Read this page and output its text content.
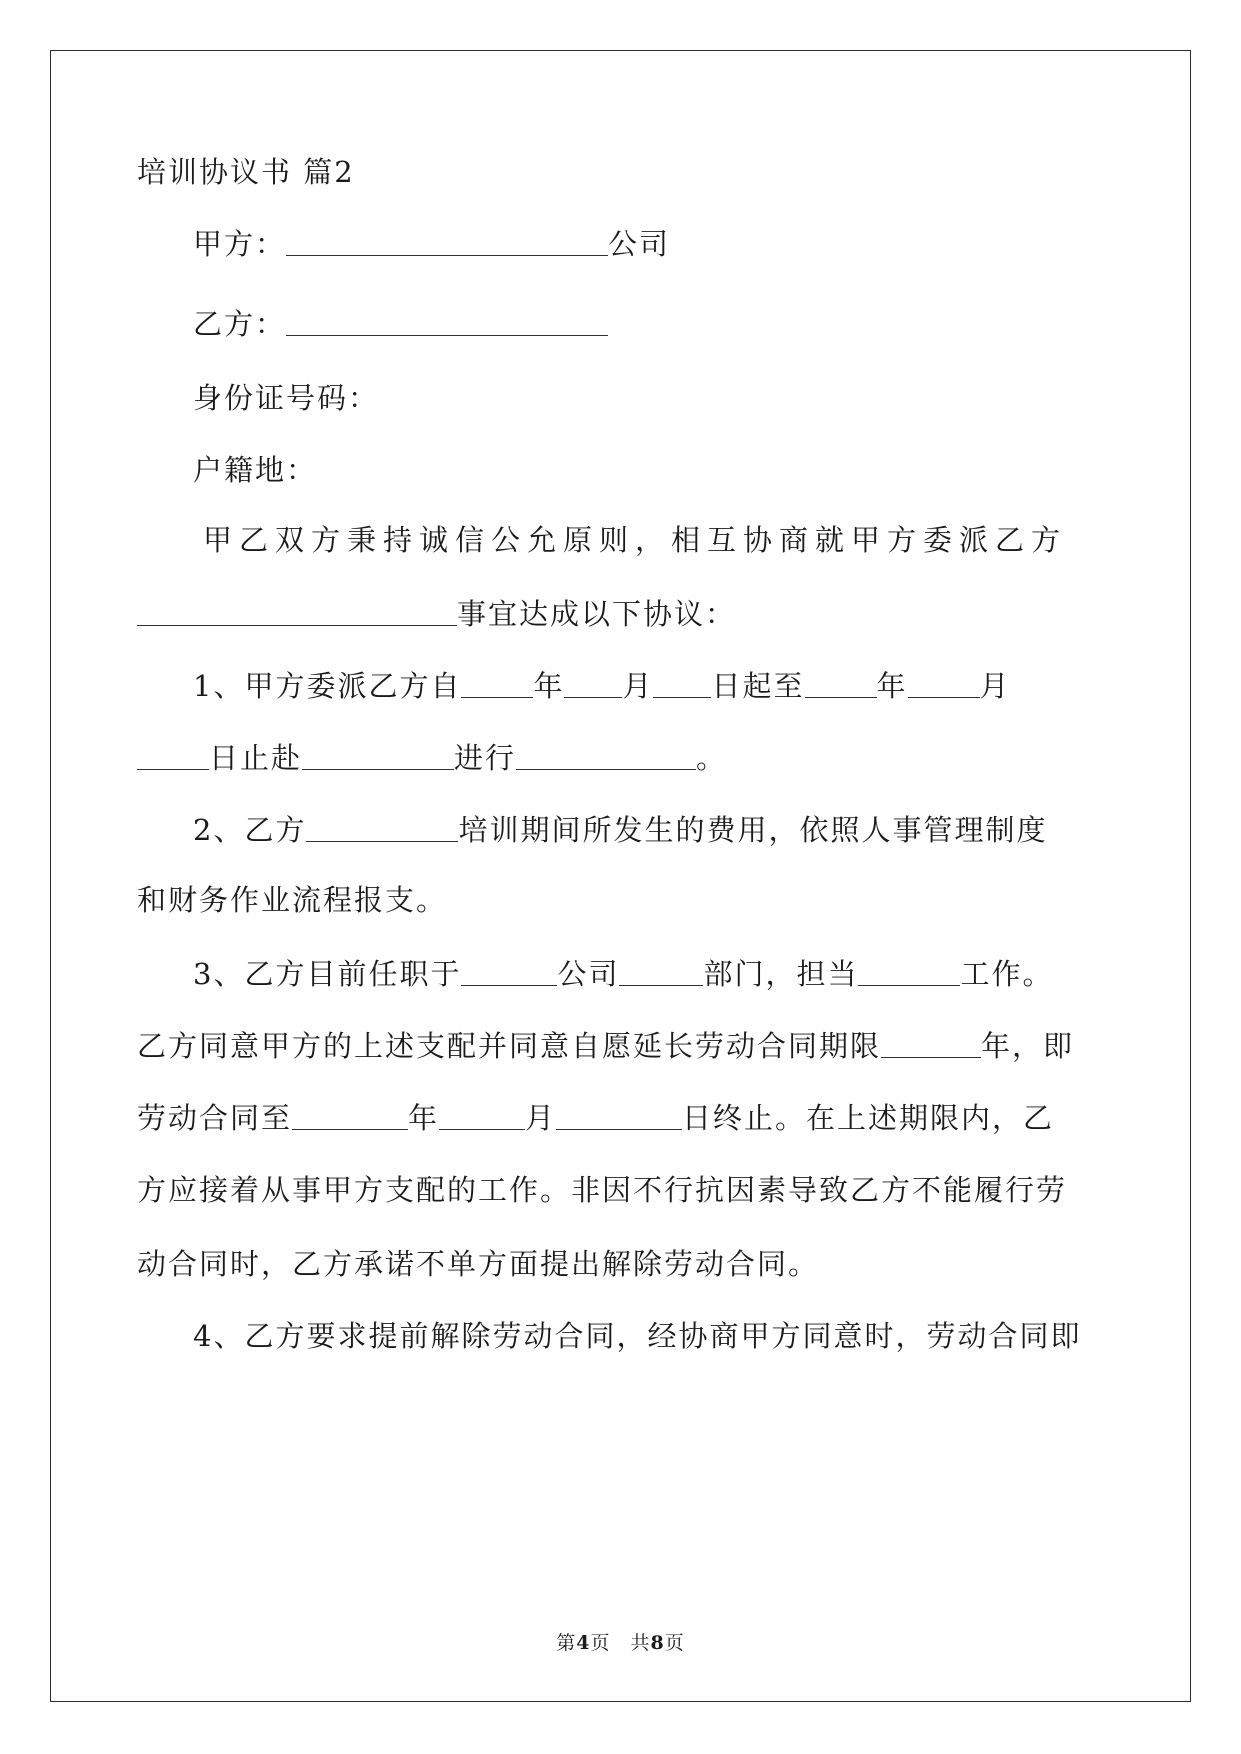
培训协议书 篇2
甲方：	公司
乙方：
身份证号码：
户籍地：
甲乙双方秉持诚信公允原则，相互协商就甲方委派乙方
事宜达成以下协议：
1、甲方委派乙方自 年 月 日起至 年 月
日止赴	进行	。
2、乙方	培训期间所发生的费用，依照人事管理制度
和财务作业流程报支。
3、乙方目前任职于	公司	部门，担当	工作。
乙方同意甲方的上述支配并同意自愿延长劳动合同期限	年，即
劳动合同至	年	月	日终止。在上述期限内，乙
方应接着从事甲方支配的工作。非因不行抗因素导致乙方不能履行劳
动合同时，乙方承诺不单方面提出解除劳动合同。
4、乙方要求提前解除劳动合同，经协商甲方同意时，劳动合同即
第4页　共8页
